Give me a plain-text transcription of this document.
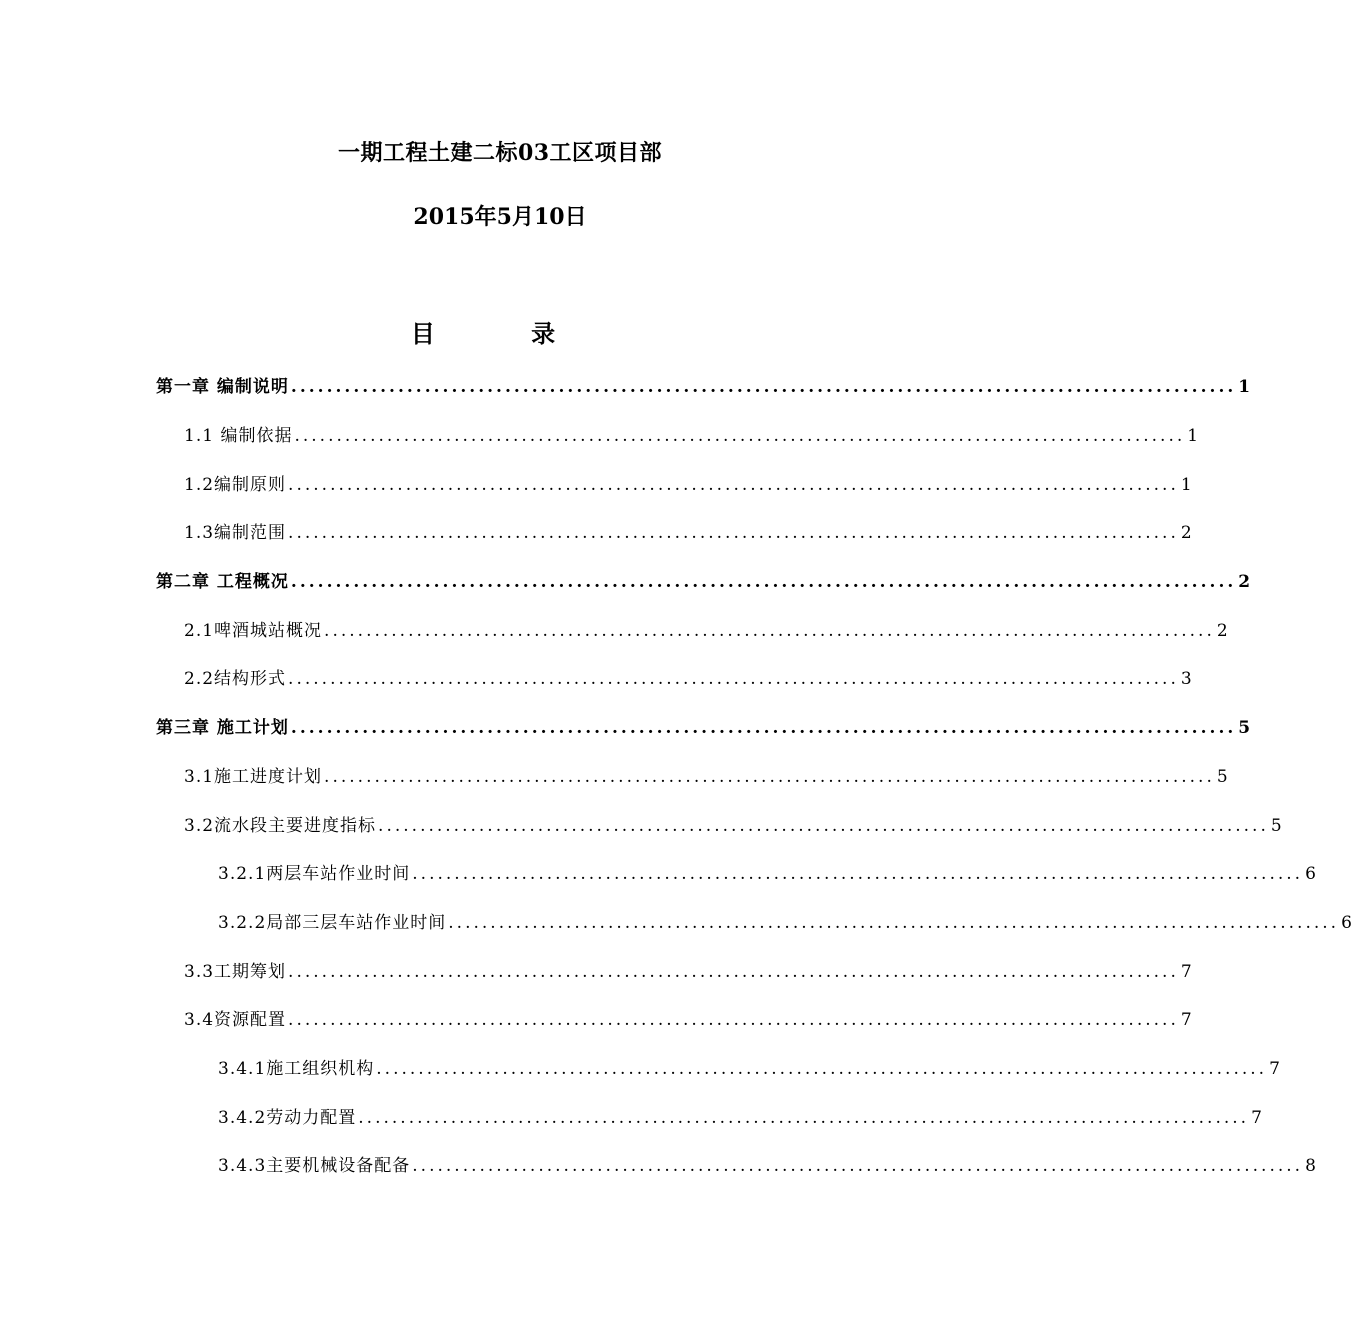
一期工程土建二标03工区项目部
2015年5月10日
目 录
第一章 编制说明 .......................................................................................................... 1
1.1 编制依据 .......................................................................................................... 1
1.2编制原则 .......................................................................................................... 1
1.3编制范围 .......................................................................................................... 2
第二章 工程概况 .......................................................................................................... 2
2.1啤酒城站概况 .......................................................................................................... 2
2.2结构形式 .......................................................................................................... 3
第三章 施工计划 .......................................................................................................... 5
3.1施工进度计划 .......................................................................................................... 5
3.2流水段主要进度指标 .......................................................................................................... 5
3.2.1两层车站作业时间 .......................................................................................................... 6
3.2.2局部三层车站作业时间 .......................................................................................................... 6
3.3工期筹划 .......................................................................................................... 7
3.4资源配置 .......................................................................................................... 7
3.4.1施工组织机构 .......................................................................................................... 7
3.4.2劳动力配置 .......................................................................................................... 7
3.4.3主要机械设备配备 .......................................................................................................... 8
